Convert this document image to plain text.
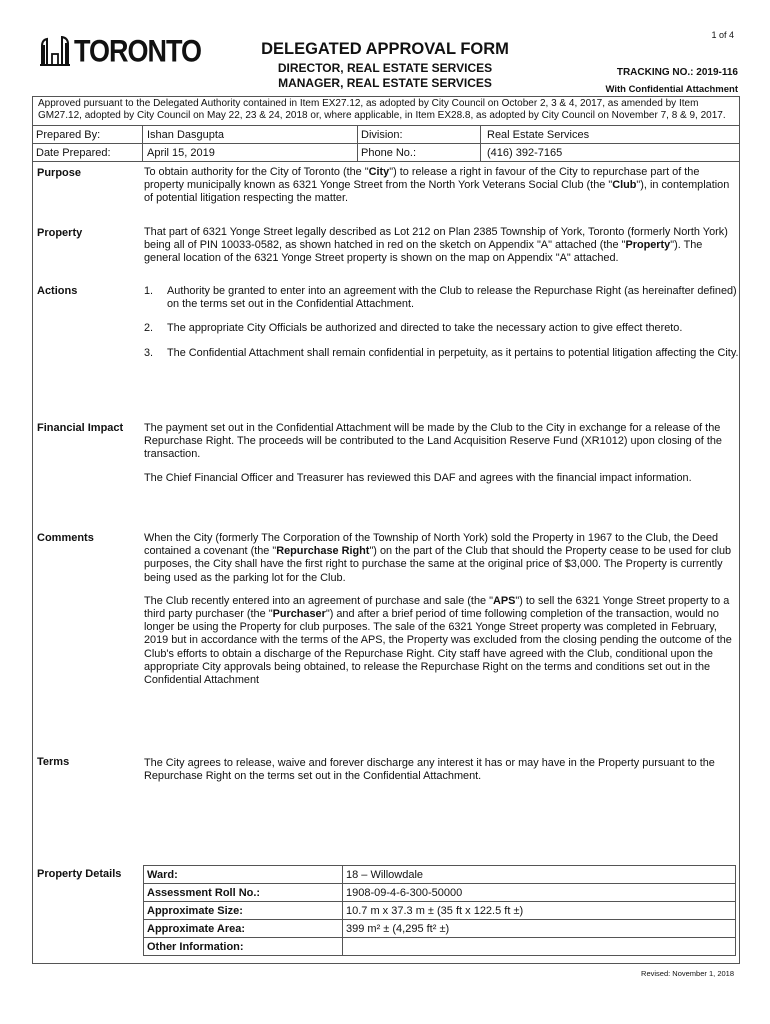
1 of 4
TORONTO	DELEGATED APPROVAL FORM
DIRECTOR, REAL ESTATE SERVICES
MANAGER, REAL ESTATE SERVICES
TRACKING NO.: 2019-116
With Confidential Attachment
Approved pursuant to the Delegated Authority contained in Item EX27.12, as adopted by City Council on October 2, 3 & 4, 2017, as amended by Item GM27.12, adopted by City Council on May 22, 23 & 24, 2018 or, where applicable, in Item EX28.8, as adopted by City Council on November 7, 8 & 9, 2017.
Prepared By:	Ishan Dasgupta	Division:	Real Estate Services
Date Prepared:	April 15, 2019	Phone No.:	(416) 392-7165
Purpose	To obtain authority for the City of Toronto (the "City") to release a right in favour of the City to repurchase part of the property municipally known as 6321 Yonge Street from the North York Veterans Social Club (the "Club"), in contemplation of potential litigation respecting the matter.

Property	That part of 6321 Yonge Street legally described as Lot 212 on Plan 2385 Township of York, Toronto (formerly North York) being all of PIN 10033-0582, as shown hatched in red on the sketch on Appendix "A" attached (the "Property"). The general location of the 6321 Yonge Street property is shown on the map on Appendix "A" attached.

Actions	1.	Authority be granted to enter into an agreement with the Club to release the Repurchase Right (as hereinafter defined) on the terms set out in the Confidential Attachment.
2.	The appropriate City Officials be authorized and directed to take the necessary action to give effect thereto.
3.	The Confidential Attachment shall remain confidential in perpetuity, as it pertains to potential litigation affecting the City.
Financial Impact The payment set out in the Confidential Attachment will be made by the Club to the City in exchange for a release of the Repurchase Right. The proceeds will be contributed to the Land Acquisition Reserve Fund (XR1012) upon closing of the transaction.

The Chief Financial Officer and Treasurer has reviewed this DAF and agrees with the financial impact information.

Comments	When the City (formerly The Corporation of the Township of North York) sold the Property in 1967 to the Club, the Deed contained a covenant (the "Repurchase Right") on the part of the Club that should the Property cease to be used for club purposes, the City shall have the first right to purchase the same at the original price of $3,000. The Property is currently being used as the parking lot for the Club.

The Club recently entered into an agreement of purchase and sale (the "APS") to sell the 6321 Yonge Street property to a third party purchaser (the "Purchaser") and after a brief period of time following completion of the transaction, would no longer be using the Property for club purposes. The sale of the 6321 Yonge Street property was completed in February, 2019 but in accordance with the terms of the APS, the Property was excluded from the closing pending the outcome of the Club's efforts to obtain a discharge of the Repurchase Right. City staff have agreed with the Club, conditional upon the appropriate City approvals being obtained, to release the Repurchase Right on the terms and conditions set out in the Confidential Attachment

Terms	The City agrees to release, waive and forever discharge any interest it has or may have in the Property pursuant to the Repurchase Right on the terms set out in the Confidential Attachment.
Property Details Ward:	18 – Willowdale
Assessment Roll No.:	1908-09-4-6-300-50000
Approximate Size:	10.7 m x 37.3 m ± (35 ft x 122.5 ft ±)
Approximate Area:	399 m² ± (4,295 ft² ±)
Other Information:	
Revised: November 1, 2018
